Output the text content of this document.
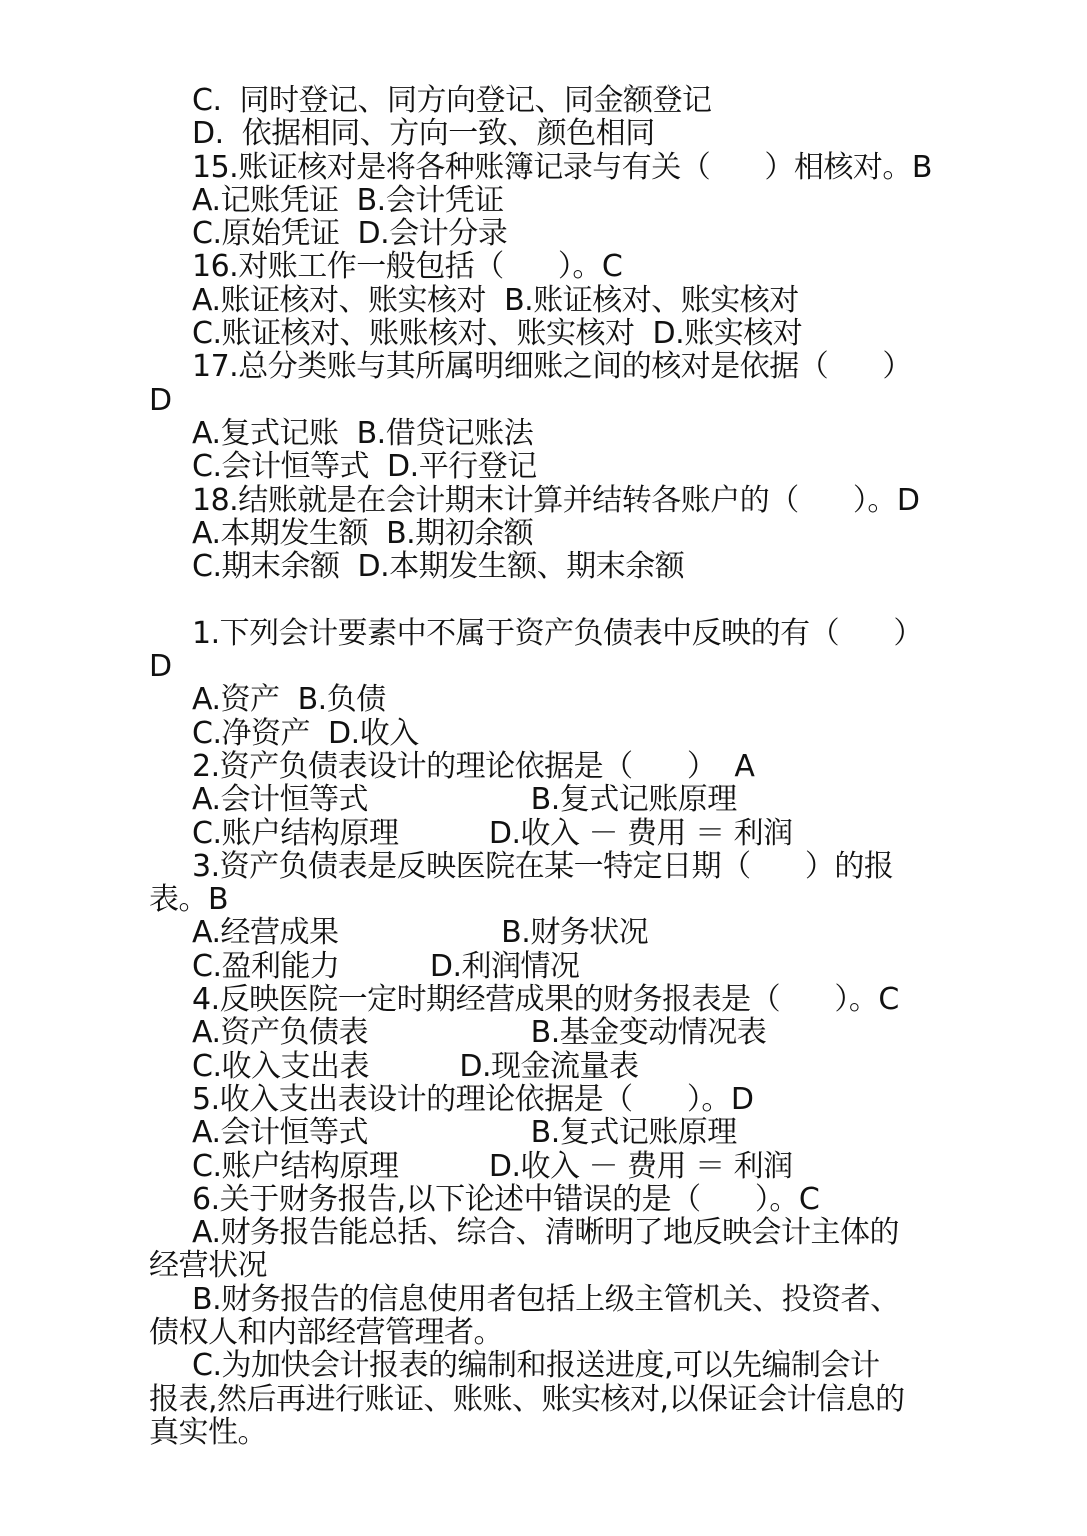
C.  同时登记、同方向登记、同金额登记
D.  依据相同、方向一致、颜色相同
15.账证核对是将各种账簿记录与有关（      ）相核对。B
A.记账凭证  B.会计凭证
C.原始凭证  D.会计分录
16.对账工作一般包括（      ）。C
A.账证核对、账实核对  B.账证核对、账实核对
C.账证核对、账账核对、账实核对  D.账实核对
17.总分类账与其所属明细账之间的核对是依据（      ）
D
A.复式记账  B.借贷记账法
C.会计恒等式  D.平行登记
18.结账就是在会计期末计算并结转各账户的（      ）。D
A.本期发生额  B.期初余额
C.期末余额  D.本期发生额、期末余额
1.下列会计要素中不属于资产负债表中反映的有（      ）
D
A.资产  B.负债
C.净资产  D.收入
2.资产负债表设计的理论依据是（      ）  A
A.会计恒等式                  B.复式记账原理
C.账户结构原理          D.收入 － 费用 ＝ 利润
3.资产负债表是反映医院在某一特定日期（      ）的报
表。B
A.经营成果                  B.财务状况
C.盈利能力          D.利润情况
4.反映医院一定时期经营成果的财务报表是（      ）。C
A.资产负债表                  B.基金变动情况表
C.收入支出表          D.现金流量表
5.收入支出表设计的理论依据是（      ）。D
A.会计恒等式                  B.复式记账原理
C.账户结构原理          D.收入 － 费用 ＝ 利润
6.关于财务报告,以下论述中错误的是（      ）。C
A.财务报告能总括、综合、清晰明了地反映会计主体的
经营状况
B.财务报告的信息使用者包括上级主管机关、投资者、
债权人和内部经营管理者。
C.为加快会计报表的编制和报送进度,可以先编制会计
报表,然后再进行账证、账账、账实核对,以保证会计信息的
真实性。
